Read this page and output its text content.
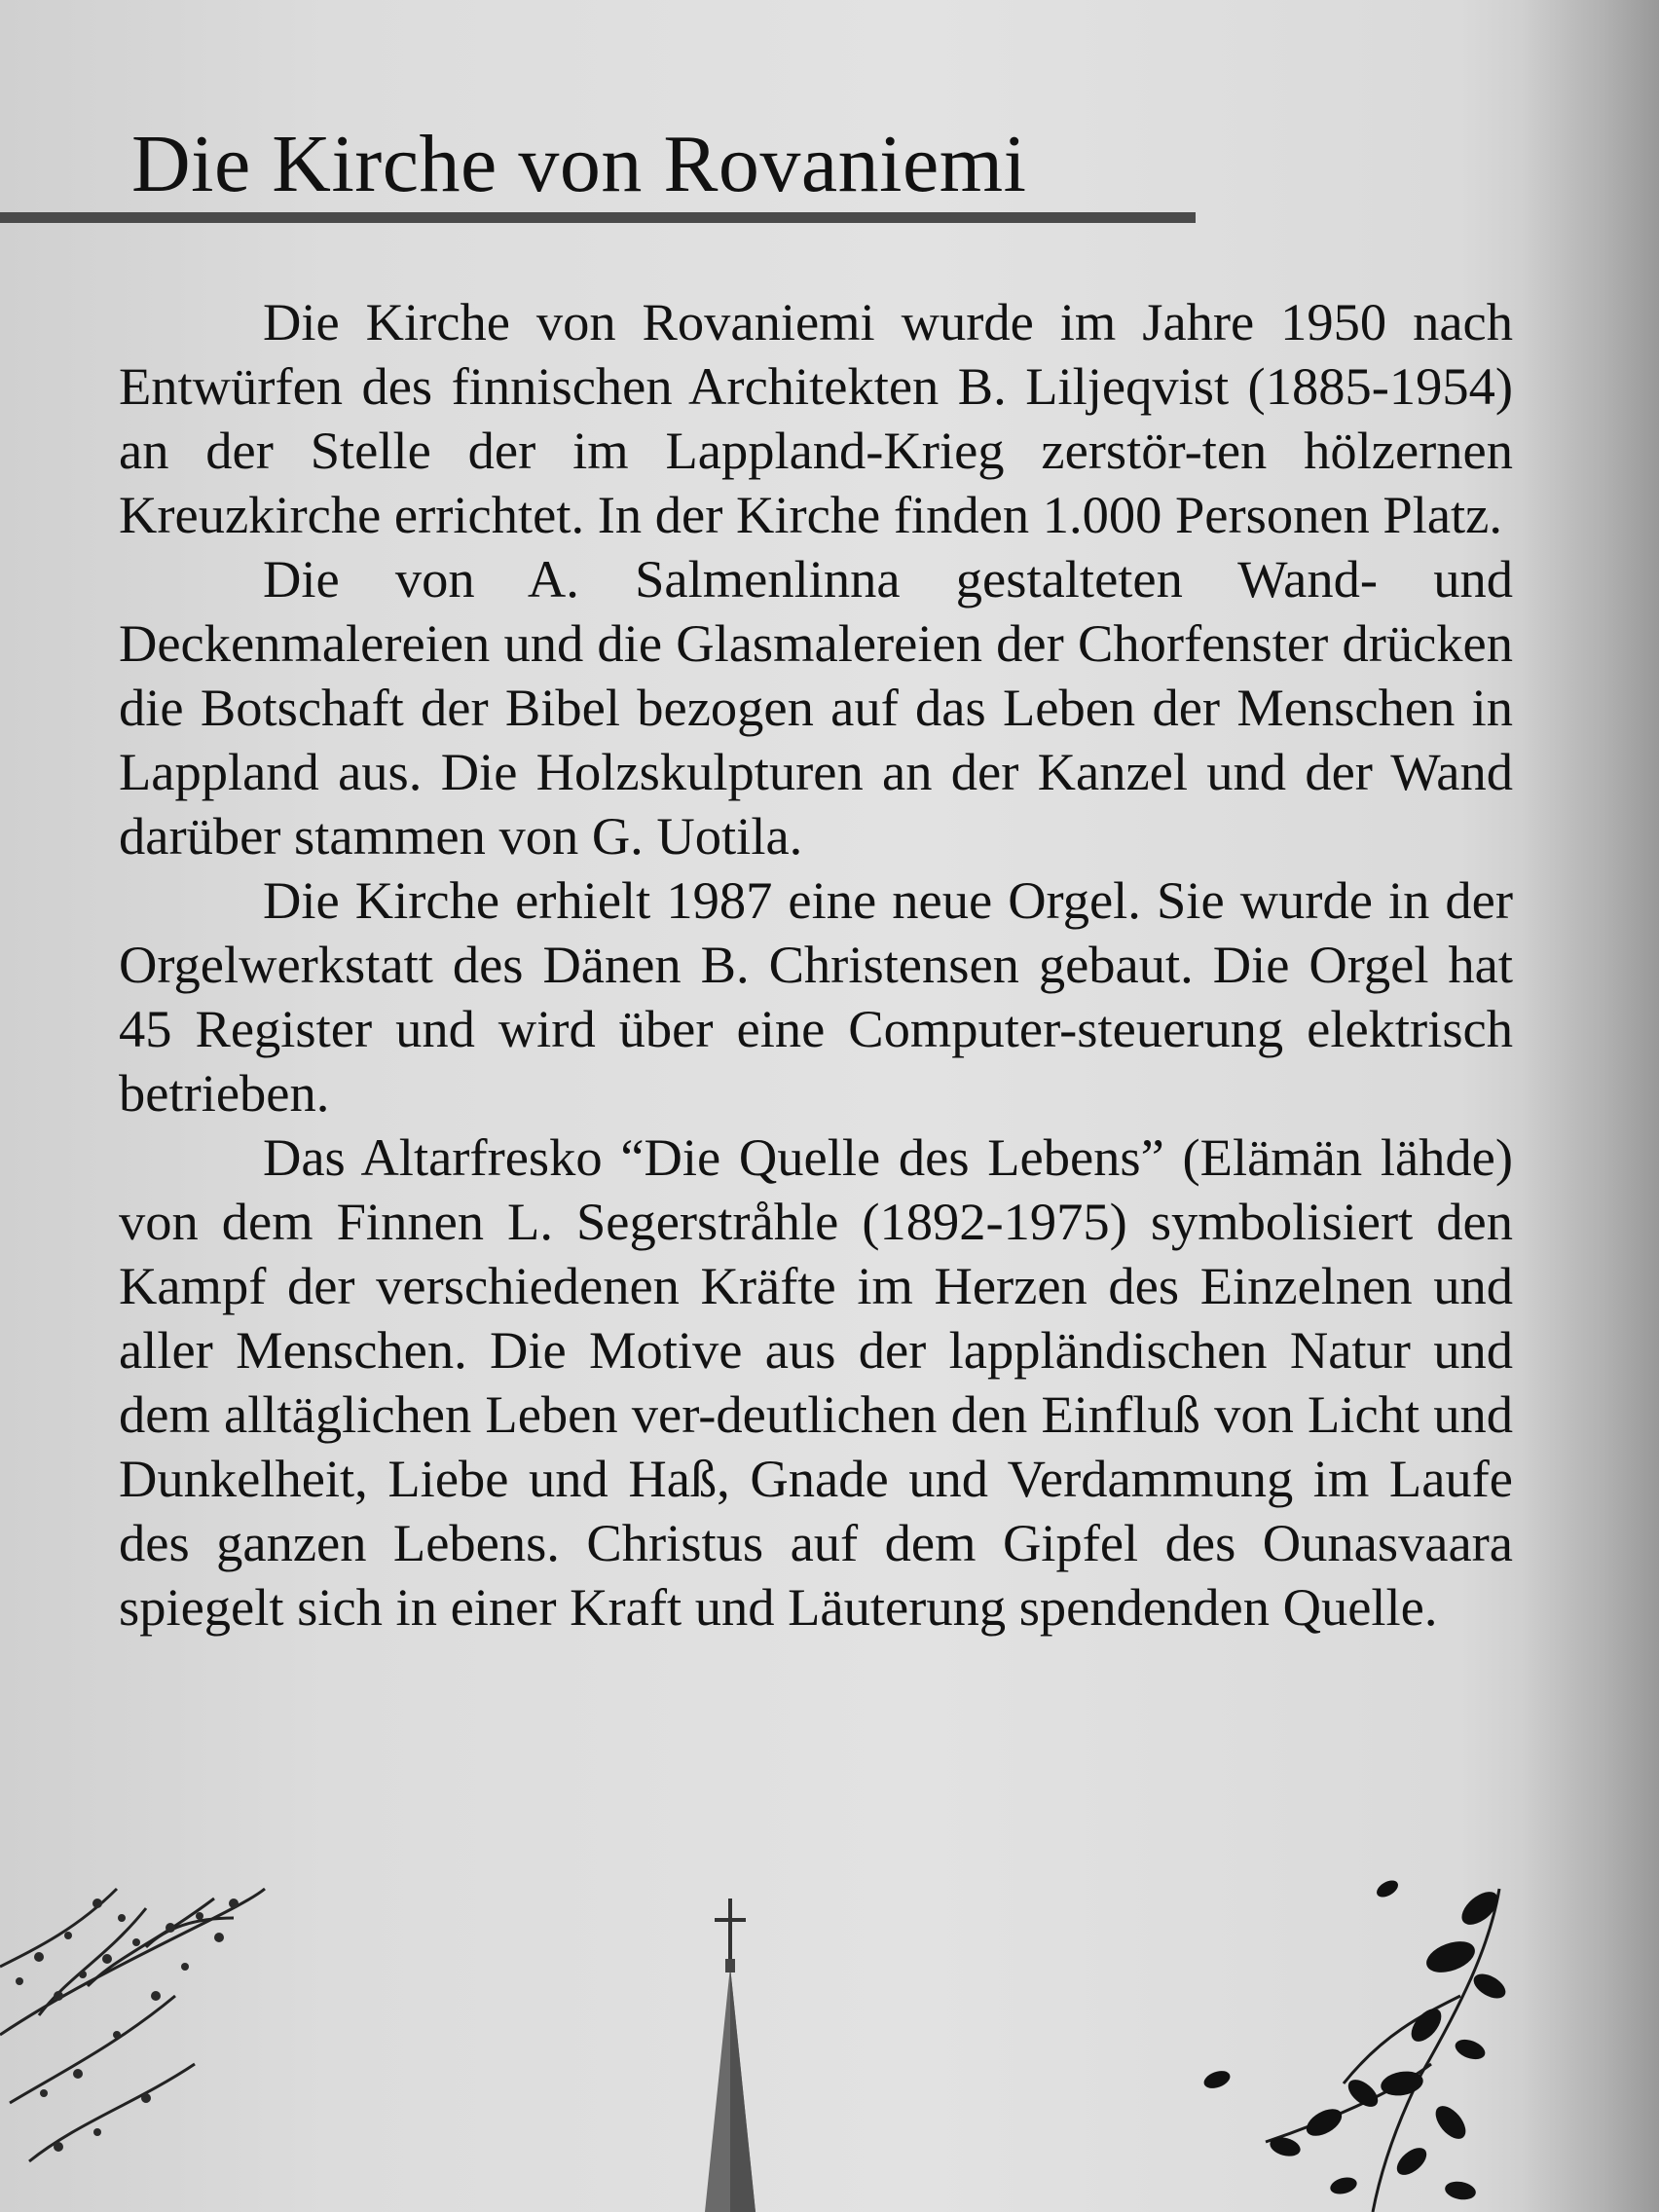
Die Kirche von Rovaniemi

Die Kirche von Rovaniemi wurde im Jahre 1950 nach Entwürfen des finnischen Architekten B. Liljeqvist (1885-1954) an der Stelle der im Lappland-Krieg zerstör-ten hölzernen Kreuzkirche errichtet. In der Kirche finden 1.000 Personen Platz.

Die von A. Salmenlinna gestalteten Wand- und Deckenmalereien und die Glasmalereien der Chorfenster drücken die Botschaft der Bibel bezogen auf das Leben der Menschen in Lappland aus. Die Holzskulpturen an der Kanzel und der Wand darüber stammen von G. Uotila.

Die Kirche erhielt 1987 eine neue Orgel. Sie wurde in der Orgelwerkstatt des Dänen B. Christensen gebaut. Die Orgel hat 45 Register und wird über eine Computer-steuerung elektrisch betrieben.

Das Altarfresko “Die Quelle des Lebens” (Elämän lähde) von dem Finnen L. Segerstråhle (1892-1975) symbolisiert den Kampf der verschiedenen Kräfte im Herzen des Einzelnen und aller Menschen. Die Motive aus der lappländischen Natur und dem alltäglichen Leben ver-deutlichen den Einfluß von Licht und Dunkelheit, Liebe und Haß, Gnade und Verdammung im Laufe des ganzen Lebens. Christus auf dem Gipfel des Ounasvaara spiegelt sich in einer Kraft und Läuterung spendenden Quelle.
